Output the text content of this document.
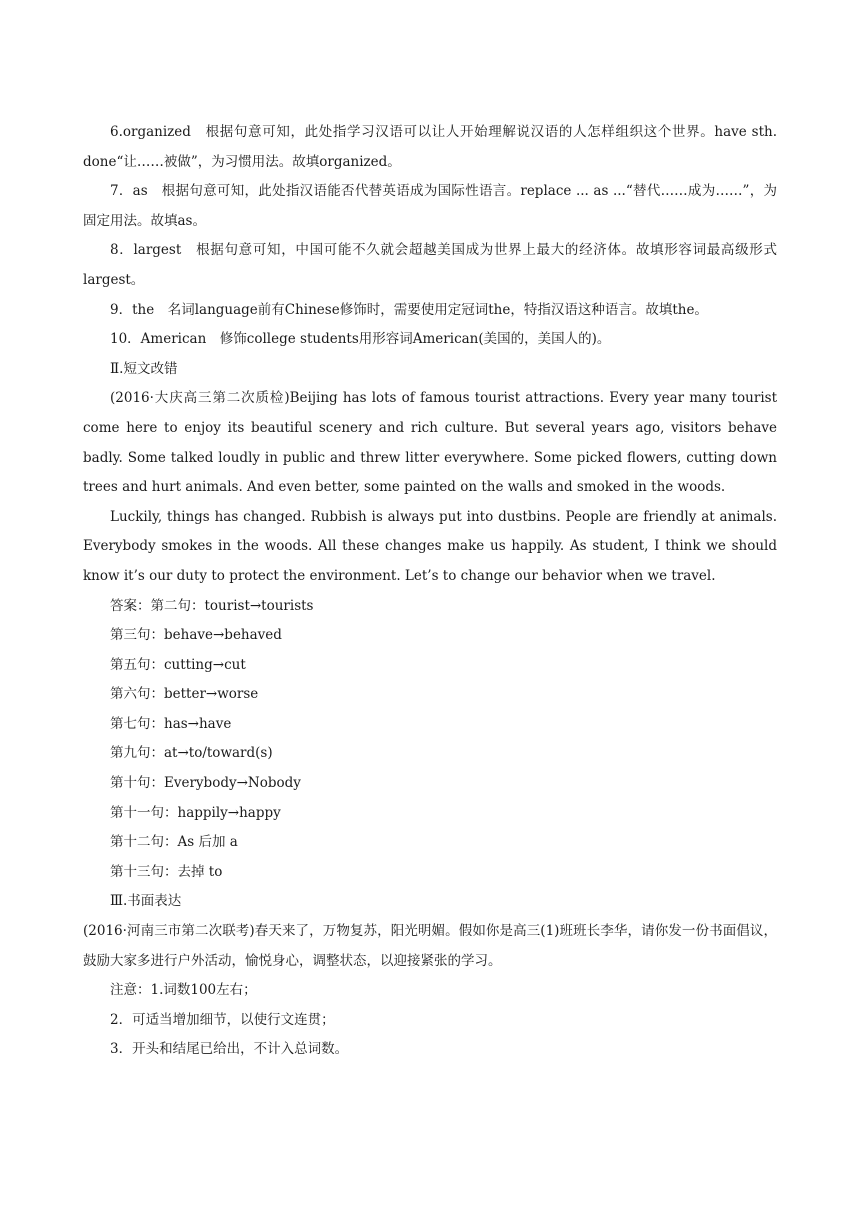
6.organized　根据句意可知，此处指学习汉语可以让人开始理解说汉语的人怎样组织这个世界。have sth. done“让……被做”，为习惯用法。故填organized。

7．as　根据句意可知，此处指汉语能否代替英语成为国际性语言。replace ... as ...“替代……成为……”，为固定用法。故填as。

8．largest　根据句意可知，中国可能不久就会超越美国成为世界上最大的经济体。故填形容词最高级形式largest。

9．the　名词language前有Chinese修饰时，需要使用定冠词the，特指汉语这种语言。故填the。

10．American　修饰college students用形容词American(美国的，美国人的)。

Ⅱ.短文改错

(2016·大庆高三第二次质检)Beijing has lots of famous tourist attractions. Every year many tourist come here to enjoy its beautiful scenery and rich culture. But several years ago, visitors behave badly. Some talked loudly in public and threw litter everywhere. Some picked flowers, cutting down trees and hurt animals. And even better, some painted on the walls and smoked in the woods.

Luckily, things has changed. Rubbish is always put into dustbins. People are friendly at animals. Everybody smokes in the woods. All these changes make us happily. As student, I think we should know it’s our duty to protect the environment. Let’s to change our behavior when we travel.

答案：第二句：tourist→tourists

第三句：behave→behaved

第五句：cutting→cut

第六句：better→worse

第七句：has→have

第九句：at→to/toward(s)

第十句：Everybody→Nobody

第十一句：happily→happy

第十二句：As 后加 a

第十三句：去掉 to

Ⅲ.书面表达

(2016·河南三市第二次联考)春天来了，万物复苏，阳光明媚。假如你是高三(1)班班长李华，请你发一份书面倡议，鼓励大家多进行户外活动，愉悦身心，调整状态，以迎接紧张的学习。

注意：1.词数100左右；

2．可适当增加细节，以使行文连贯；

3．开头和结尾已给出，不计入总词数。
